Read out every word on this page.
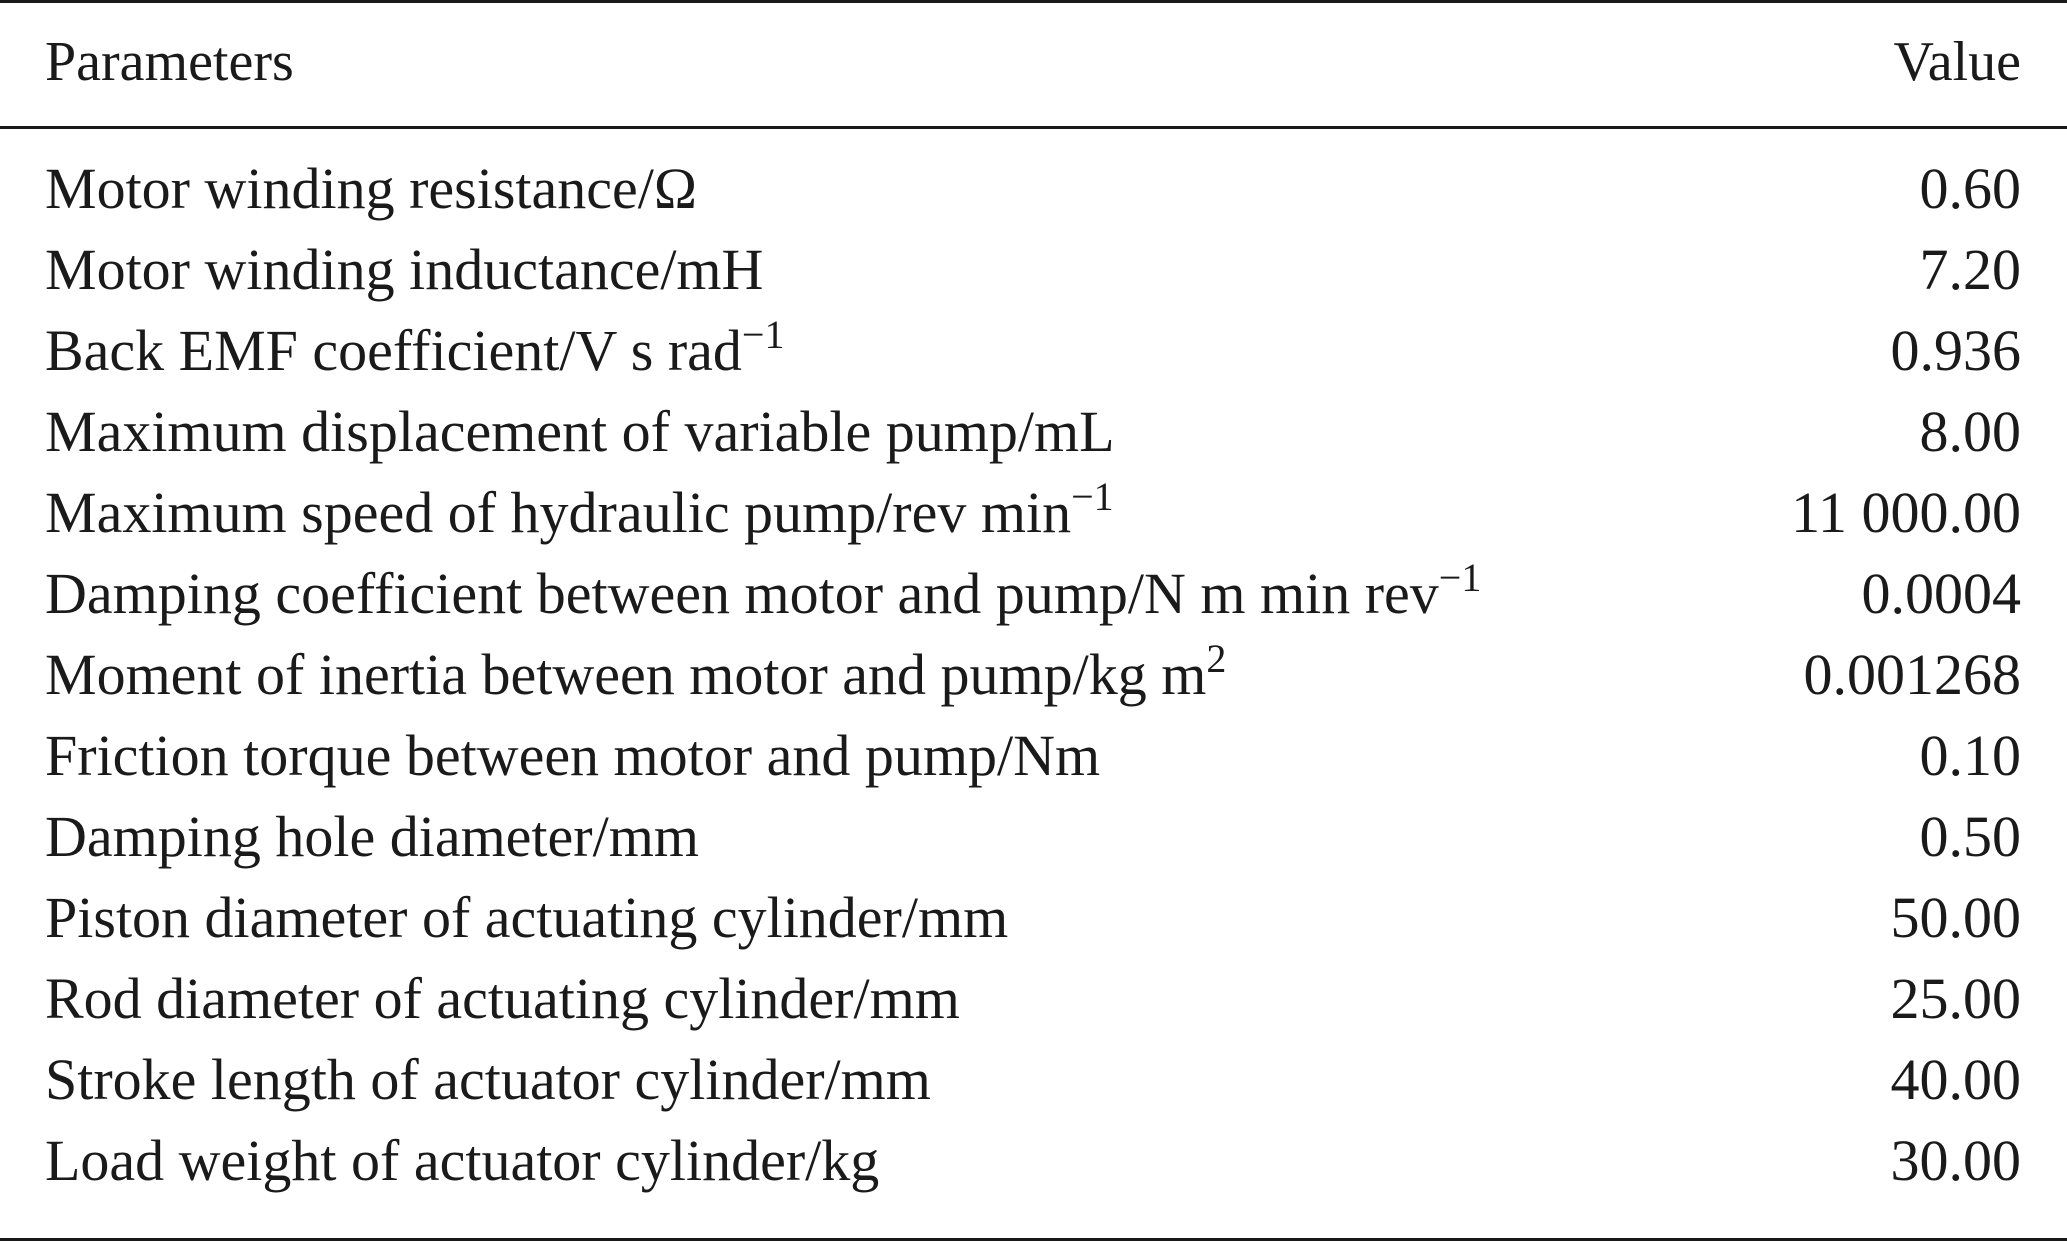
Parameters	Value
Motor winding resistance/Ω	0.60
Motor winding inductance/mH	7.20
Back EMF coefficient/V s rad$^{-1}$	0.936
Maximum displacement of variable pump/mL	8.00
Maximum speed of hydraulic pump/rev $\min^{-1}$	11 000.00
Damping coefficient between motor and pump/N m min rev$^{-1}$	0.0004
Moment of inertia between motor and pump/kg $m^2$	0.001268
Friction torque between motor and pump/Nm	0.10
Damping hole diameter/mm	0.50
Piston diameter of actuating cylinder/mm	50.00
Rod diameter of actuating cylinder/mm	25.00
Stroke length of actuator cylinder/mm	40.00
Load weight of actuator cylinder/kg	30.00
